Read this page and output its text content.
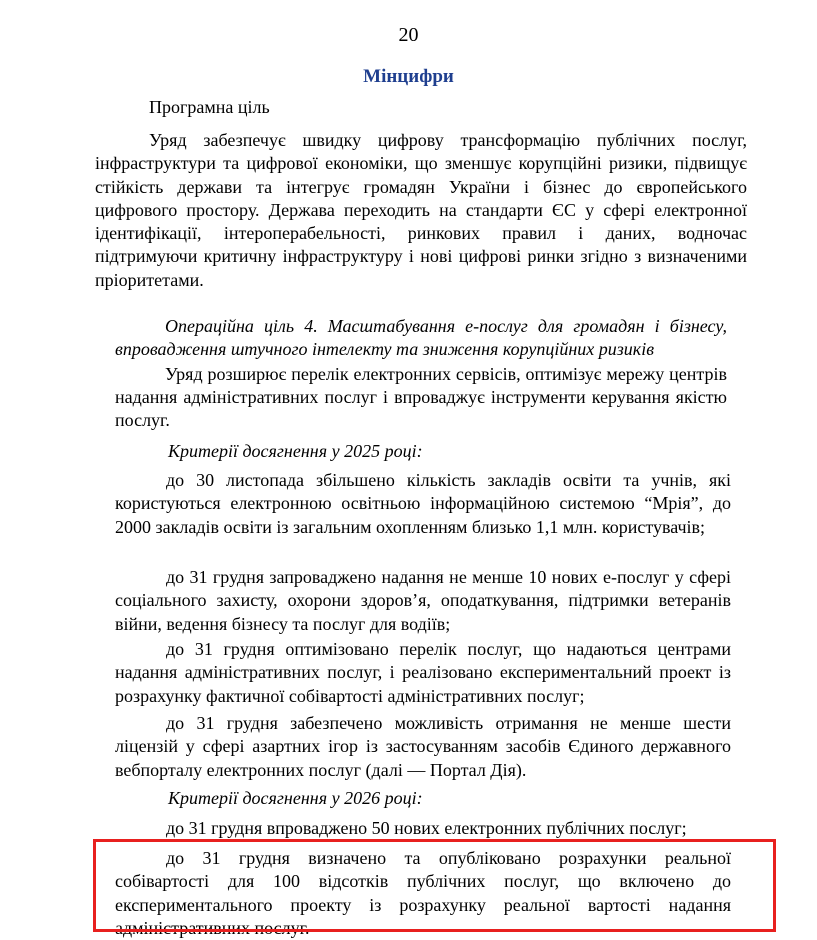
20
Мінцифри
Програмна ціль

Уряд забезпечує швидку цифрову трансформацію публічних послуг, інфраструктури та цифрової економіки, що зменшує корупційні ризики, підвищує стійкість держави та інтегрує громадян України і бізнес до європейського цифрового простору. Держава переходить на стандарти ЄС у сфері електронної ідентифікації, інтероперабельності, ринкових правил і даних, водночас підтримуючи критичну інфраструктуру і нові цифрові ринки згідно з визначеними пріоритетами.

Операційна ціль 4. Масштабування е-послуг для громадян і бізнесу, впровадження штучного інтелекту та зниження корупційних ризиків

Уряд розширює перелік електронних сервісів, оптимізує мережу центрів надання адміністративних послуг і впроваджує інструменти керування якістю послуг.

Критерії досягнення у 2025 році:

до 30 листопада збільшено кількість закладів освіти та учнів, які користуються електронною освітньою інформаційною системою “Мрія”, до 2000 закладів освіти із загальним охопленням близько 1,1 млн. користувачів;

до 31 грудня запроваджено надання не менше 10 нових е-послуг у сфері соціального захисту, охорони здоров’я, оподаткування, підтримки ветеранів війни, ведення бізнесу та послуг для водіїв;

до 31 грудня оптимізовано перелік послуг, що надаються центрами надання адміністративних послуг, і реалізовано експериментальний проект із розрахунку фактичної собівартості адміністративних послуг;

до 31 грудня забезпечено можливість отримання не менше шести ліцензій у сфері азартних ігор із застосуванням засобів Єдиного державного вебпорталу електронних послуг (далі — Портал Дія).

Критерії досягнення у 2026 році:

до 31 грудня впроваджено 50 нових електронних публічних послуг;

до 31 грудня визначено та опубліковано розрахунки реальної собівартості для 100 відсотків публічних послуг, що включено до експериментального проекту із розрахунку реальної вартості надання адміністративних послуг.
